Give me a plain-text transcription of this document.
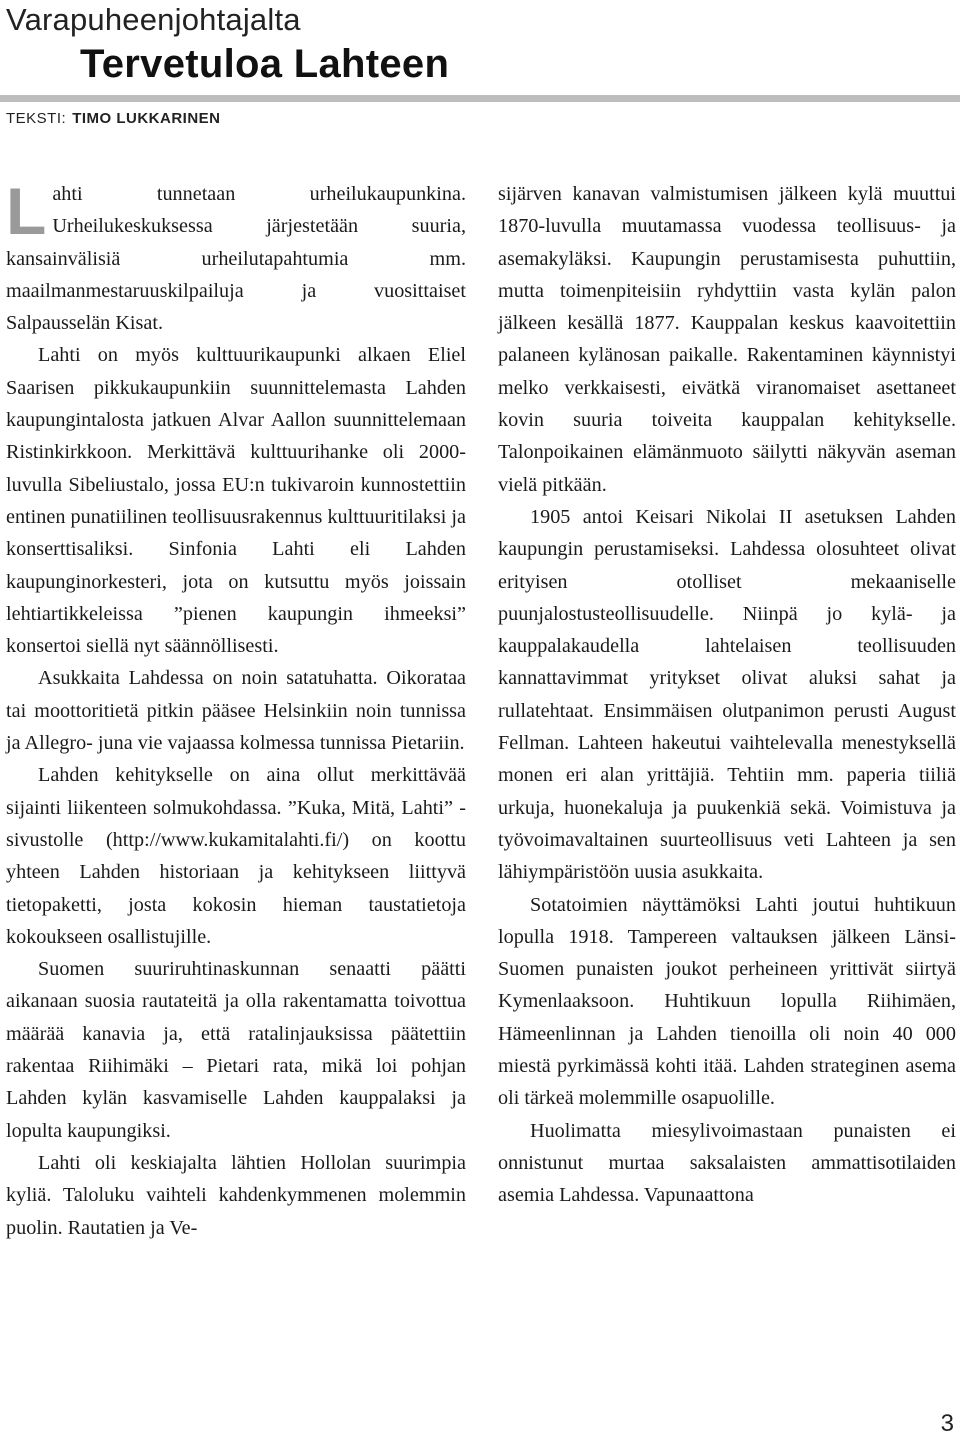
Varapuheenjohtajalta
Tervetuloa Lahteen
TEKSTI: TIMO LUKKARINEN

Lahti tunnetaan urheilukaupunkina. Urheilukeskuksessa järjestetään suuria, kansainvälisiä urheilutapahtumia mm. maailmanmestaruuskilpailuja ja vuosittaiset Salpausselän Kisat.

Lahti on myös kulttuurikaupunki alkaen Eliel Saarisen pikkukaupunkiin suunnittelemasta Lahden kaupungintalosta jatkuen Alvar Aallon suunnittelemaan Ristinkirkkoon. Merkittävä kulttuurihanke oli 2000-luvulla Sibeliustalo, jossa EU:n tukivaroin kunnostettiin entinen punatiilinen teollisuusrakennus kulttuuritilaksi ja konserttisaliksi. Sinfonia Lahti eli Lahden kaupunginorkesteri, jota on kutsuttu myös joissain lehtiartikkeleissa ”pienen kaupungin ihmeeksi” konsertoi siellä nyt säännöllisesti.

Asukkaita Lahdessa on noin satatuhatta. Oikorataa tai moottoritietä pitkin pääsee Helsinkiin noin tunnissa ja Allegro- juna vie vajaassa kolmessa tunnissa Pietariin.

Lahden kehitykselle on aina ollut merkittävää sijainti liikenteen solmukohdassa. ”Kuka, Mitä, Lahti” -sivustolle (http://www.kukamitalahti.fi/) on koottu yhteen Lahden historiaan ja kehitykseen liittyvä tietopaketti, josta kokosin hieman taustatietoja kokoukseen osallistujille.

Suomen suuriruhtinaskunnan senaatti päätti aikanaan suosia rautateitä ja olla rakentamatta toivottua määrää kanavia ja, että ratalinjauksissa päätettiin rakentaa Riihimäki – Pietari rata, mikä loi pohjan Lahden kylän kasvamiselle Lahden kauppalaksi ja lopulta kaupungiksi.

Lahti oli keskiajalta lähtien Hollolan suurimpia kyliä. Taloluku vaihteli kahdenkymmenen molemmin puolin. Rautatien ja Ve-

sijärven kanavan valmistumisen jälkeen kylä muuttui 1870-luvulla muutamassa vuodessa teollisuus- ja asemakyläksi. Kaupungin perustamisesta puhuttiin, mutta toimenpiteisiin ryhdyttiin vasta kylän palon jälkeen kesällä 1877. Kauppalan keskus kaavoitettiin palaneen kylänosan paikalle. Rakentaminen käynnistyi melko verkkaisesti, eivätkä viranomaiset asettaneet kovin suuria toiveita kauppalan kehitykselle. Talonpoikainen elämänmuoto säilytti näkyvän aseman vielä pitkään.

1905 antoi Keisari Nikolai II asetuksen Lahden kaupungin perustamiseksi. Lahdessa olosuhteet olivat erityisen otolliset mekaaniselle puunjalostusteollisuudelle. Niinpä jo kylä- ja kauppalakaudella lahtelaisen teollisuuden kannattavimmat yritykset olivat aluksi sahat ja rullatehtaat. Ensimmäisen olutpanimon perusti August Fellman. Lahteen hakeutui vaihtelevalla menestyksellä monen eri alan yrittäjiä. Tehtiin mm. paperia tiiliä urkuja, huonekaluja ja puukenkiä sekä. Voimistuva ja työvoimavaltainen suurteollisuus veti Lahteen ja sen lähiympäristöön uusia asukkaita.

Sotatoimien näyttämöksi Lahti joutui huhtikuun lopulla 1918. Tampereen valtauksen jälkeen Länsi-Suomen punaisten joukot perheineen yrittivät siirtyä Kymenlaaksoon. Huhtikuun lopulla Riihimäen, Hämeenlinnan ja Lahden tienoilla oli noin 40 000 miestä pyrkimässä kohti itää. Lahden strateginen asema oli tärkeä molemmille osapuolille.

Huolimatta miesylivoimastaan punaisten ei onnistunut murtaa saksalaisten ammattisotilaiden asemia Lahdessa. Vapunaattona

3
